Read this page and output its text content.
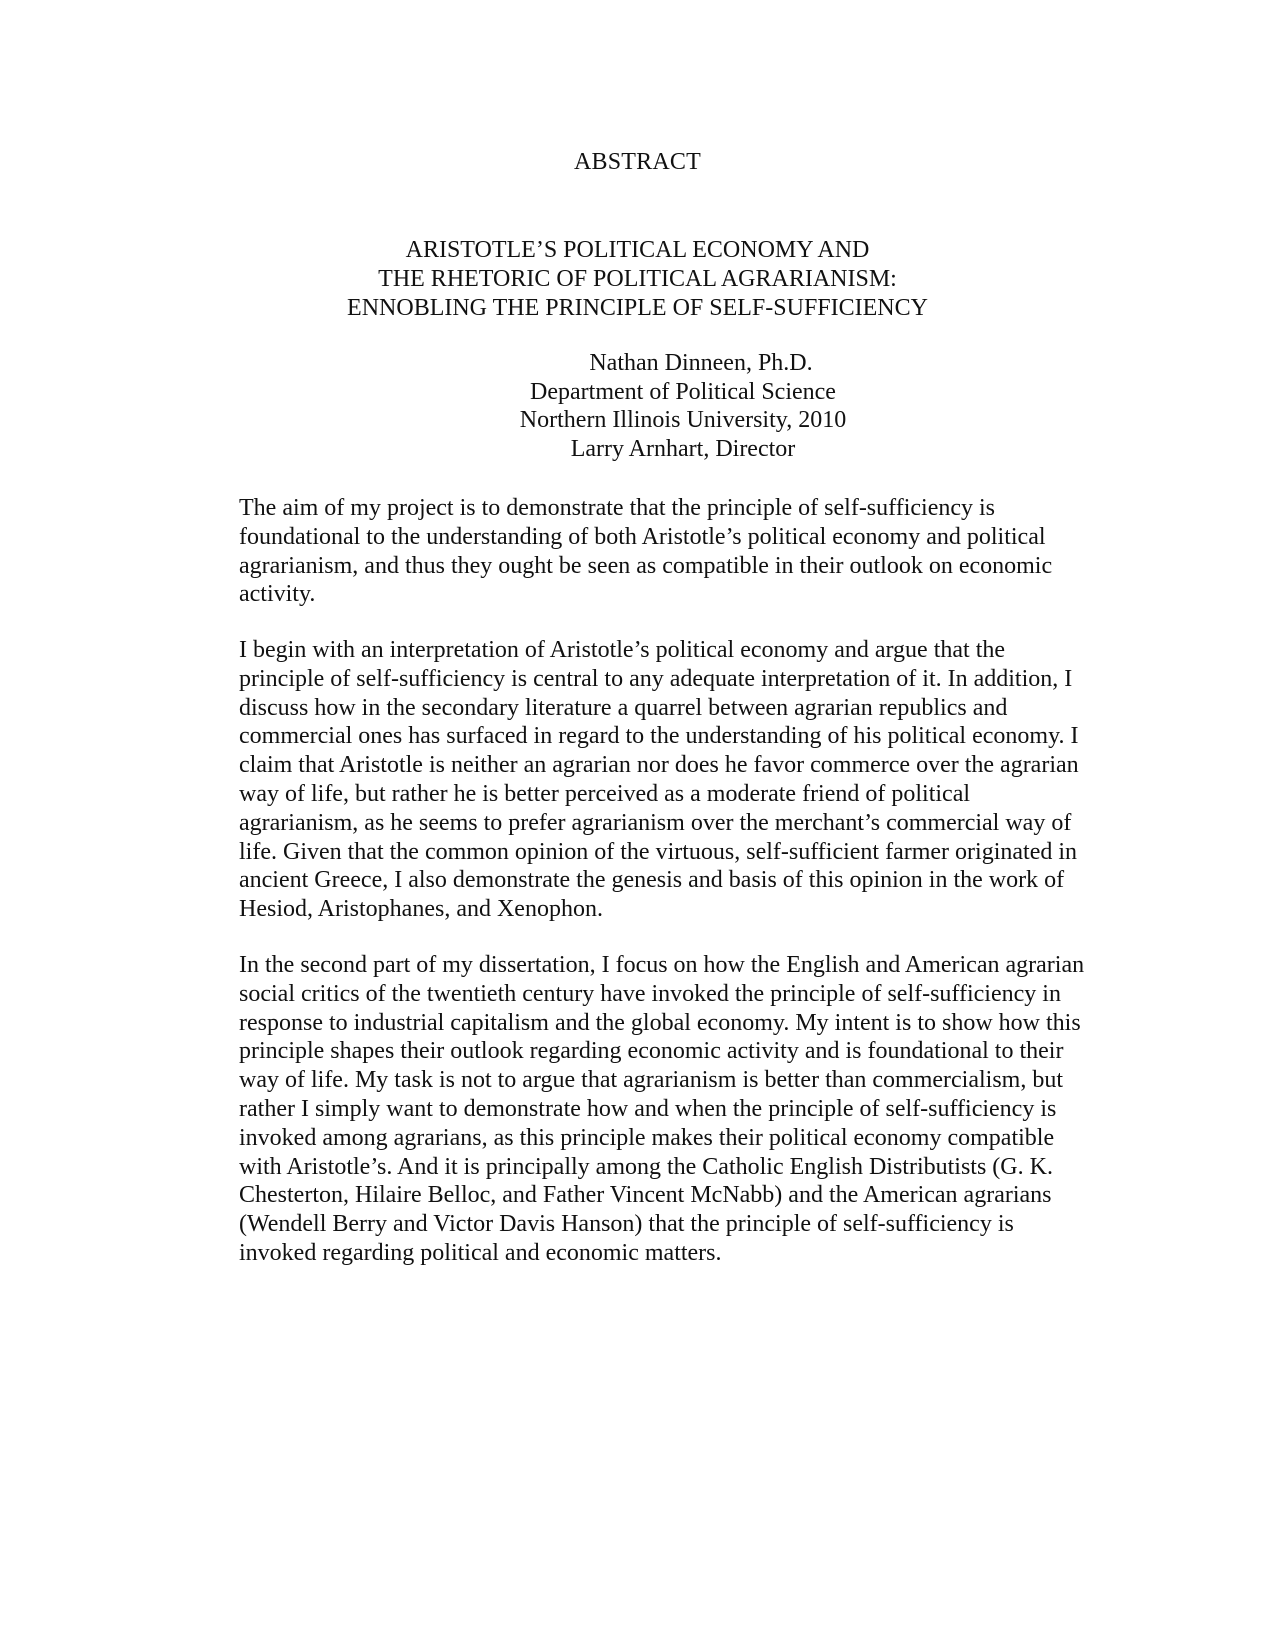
ABSTRACT
ARISTOTLE’S POLITICAL ECONOMY AND
THE RHETORIC OF POLITICAL AGRARIANISM:
ENNOBLING THE PRINCIPLE OF SELF-SUFFICIENCY
Nathan Dinneen, Ph.D.
Department of Political Science
Northern Illinois University, 2010
Larry Arnhart, Director

The aim of my project is to demonstrate that the principle of self-sufficiency is
foundational to the understanding of both Aristotle’s political economy and political
agrarianism, and thus they ought be seen as compatible in their outlook on economic
activity.

I begin with an interpretation of Aristotle’s political economy and argue that the
principle of self-sufficiency is central to any adequate interpretation of it. In addition, I
discuss how in the secondary literature a quarrel between agrarian republics and
commercial ones has surfaced in regard to the understanding of his political economy. I
claim that Aristotle is neither an agrarian nor does he favor commerce over the agrarian
way of life, but rather he is better perceived as a moderate friend of political
agrarianism, as he seems to prefer agrarianism over the merchant’s commercial way of
life. Given that the common opinion of the virtuous, self-sufficient farmer originated in
ancient Greece, I also demonstrate the genesis and basis of this opinion in the work of
Hesiod, Aristophanes, and Xenophon.

In the second part of my dissertation, I focus on how the English and American agrarian
social critics of the twentieth century have invoked the principle of self-sufficiency in
response to industrial capitalism and the global economy. My intent is to show how this
principle shapes their outlook regarding economic activity and is foundational to their
way of life. My task is not to argue that agrarianism is better than commercialism, but
rather I simply want to demonstrate how and when the principle of self-sufficiency is
invoked among agrarians, as this principle makes their political economy compatible
with Aristotle’s. And it is principally among the Catholic English Distributists (G. K.
Chesterton, Hilaire Belloc, and Father Vincent McNabb) and the American agrarians
(Wendell Berry and Victor Davis Hanson) that the principle of self-sufficiency is
invoked regarding political and economic matters.
